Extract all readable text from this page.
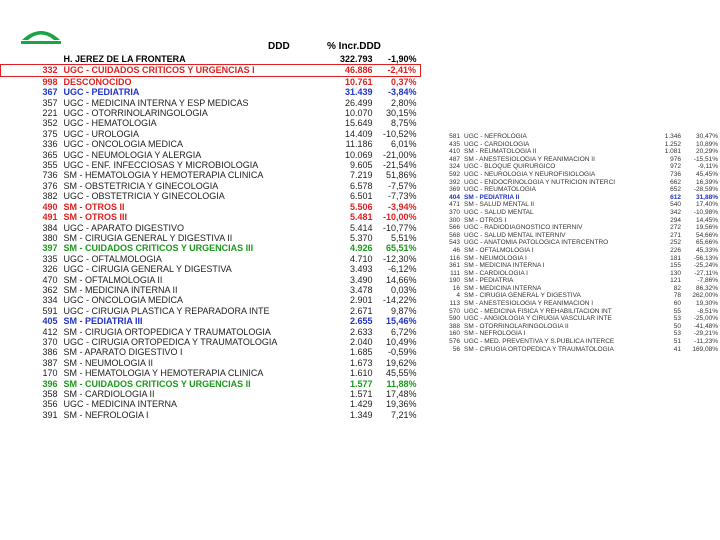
DDD	% Incr.DDD
	H. JEREZ DE LA FRONTERA	322.793	-1,90%
332	UGC - CUIDADOS CRITICOS Y URGENCIAS I	46.886	-2,41%
998	DESCONOCIDO	10.761	0,37%
367	UGC - PEDIATRIA	31.439	-3,84%
357	UGC - MEDICINA INTERNA Y ESP MEDICAS	26.499	2,80%
221	UGC - OTORRINOLARINGOLOGIA	10.070	30,15%
352	UGC - HEMATOLOGIA	15.649	8,75%
375	UGC - UROLOGIA	14.409	-10,52%
336	UGC - ONCOLOGIA MEDICA	11.186	6,01%
365	UGC - NEUMOLOGIA Y ALERGIA	10.069	-21,00%
355	UGC - ENF. INFECCIOSAS Y MICROBIOLOGIA	9.605	-21,54%
736	SM - HEMATOLOGIA Y HEMOTERAPIA CLINICA	7.219	51,86%
376	SM - OBSTETRICIA Y GINECOLOGIA	6.578	-7,57%
382	UGC - OBSTETRICIA Y GINECOLOGIA	6.501	-7,73%
490	SM - OTROS II	5.506	-3,94%
491	SM - OTROS III	5.481	-10,00%
384	UGC - APARATO DIGESTIVO	5.414	-10,77%
380	SM - CIRUGIA GENERAL Y DIGESTIVA II	5.370	5,51%
397	SM - CUIDADOS CRITICOS Y URGENCIAS III	4.926	65,51%
335	UGC - OFTALMOLOGIA	4.710	-12,30%
326	UGC - CIRUGIA GENERAL Y DIGESTIVA	3.493	-6,12%
470	SM - OFTALMOLOGIA II	3.490	14,66%
362	SM - MEDICINA INTERNA II	3.478	0,03%
334	UGC - ONCOLOGIA MEDICA	2.901	-14,22%
591	UGC - CIRUGIA PLASTICA Y REPARADORA INTE	2.671	9,87%
405	SM - PEDIATRIA III	2.655	15,46%
412	SM - CIRUGIA ORTOPEDICA Y TRAUMATOLOGIA	2.633	6,72%
370	UGC - CIRUGIA ORTOPEDICA Y TRAUMATOLOGIA	2.040	10,49%
386	SM - APARATO DIGESTIVO I	1.685	-0,59%
387	SM - NEUMOLOGIA II	1.673	19,62%
170	SM - HEMATOLOGIA Y HEMOTERAPIA CLINICA	1.610	45,55%
396	SM - CUIDADOS CRITICOS Y URGENCIAS II	1.577	11,88%
358	SM - CARDIOLOGIA II	1.571	17,48%
356	UGC - MEDICINA INTERNA	1.429	19,36%
391	SM - NEFROLOGIA I	1.349	7,21%
581	UGC - NEFROLOGIA	1.346	30,47%
435	UGC - CARDIOLOGIA	1.252	10,89%
410	SM - REUMATOLOGIA II	1.081	20,29%
487	SM - ANESTESIOLOGIA Y REANIMACION II	976	-15,51%
324	UGC - BLOQUE QUIRURGICO	972	-9,11%
592	UGC - NEUROLOGIA Y NEUROFISIOLOGIA	736	45,45%
392	UGC - ENDOCRINOLOGIA Y NUTRICION INTERCI	662	16,39%
369	UGC - REUMATOLOGIA	652	-28,59%
404	SM - PEDIATRIA II	612	31,88%
471	SM - SALUD MENTAL II	540	17,40%
370	UGC - SALUD MENTAL	342	-10,98%
300	SM - OTROS I	294	14,45%
566	UGC - RADIODIAGNOSTICO INTERNIV	272	19,56%
568	UGC - SALUD MENTAL INTERNIV	271	54,66%
543	UGC - ANATOMIA PATOLOGICA INTERCENTRO	252	65,66%
46	SM - OFTALMOLOGIA I	226	45,33%
116	SM - NEUMOLOGIA I	181	-56,13%
361	SM - MEDICINA INTERNA I	155	-25,24%
111	SM - CARDIOLOGIA I	130	-27,11%
190	SM - PEDIATRIA	121	-7,86%
16	SM - MEDICINA INTERNA	82	86,32%
4	SM - CIRUGIA GENERAL Y DIGESTIVA	78	262,00%
113	SM - ANESTESIOLOGIA Y REANIMACION I	60	19,30%
570	UGC - MEDICINA FISICA Y REHABILITACION INT	55	-8,51%
590	UGC - ANGIOLOGIA Y CIRUGIA VASCULAR INTE	53	-25,00%
388	SM - OTORRINOLARINGOLOGIA II	50	-41,48%
160	SM - NEFROLOGIA I	53	-29,21%
576	UGC - MED. PREVENTIVA Y S.PUBLICA INTERCE	51	-11,23%
56	SM - CIRUGIA ORTOPEDICA Y TRAUMATOLOGIA	41	169,08%
